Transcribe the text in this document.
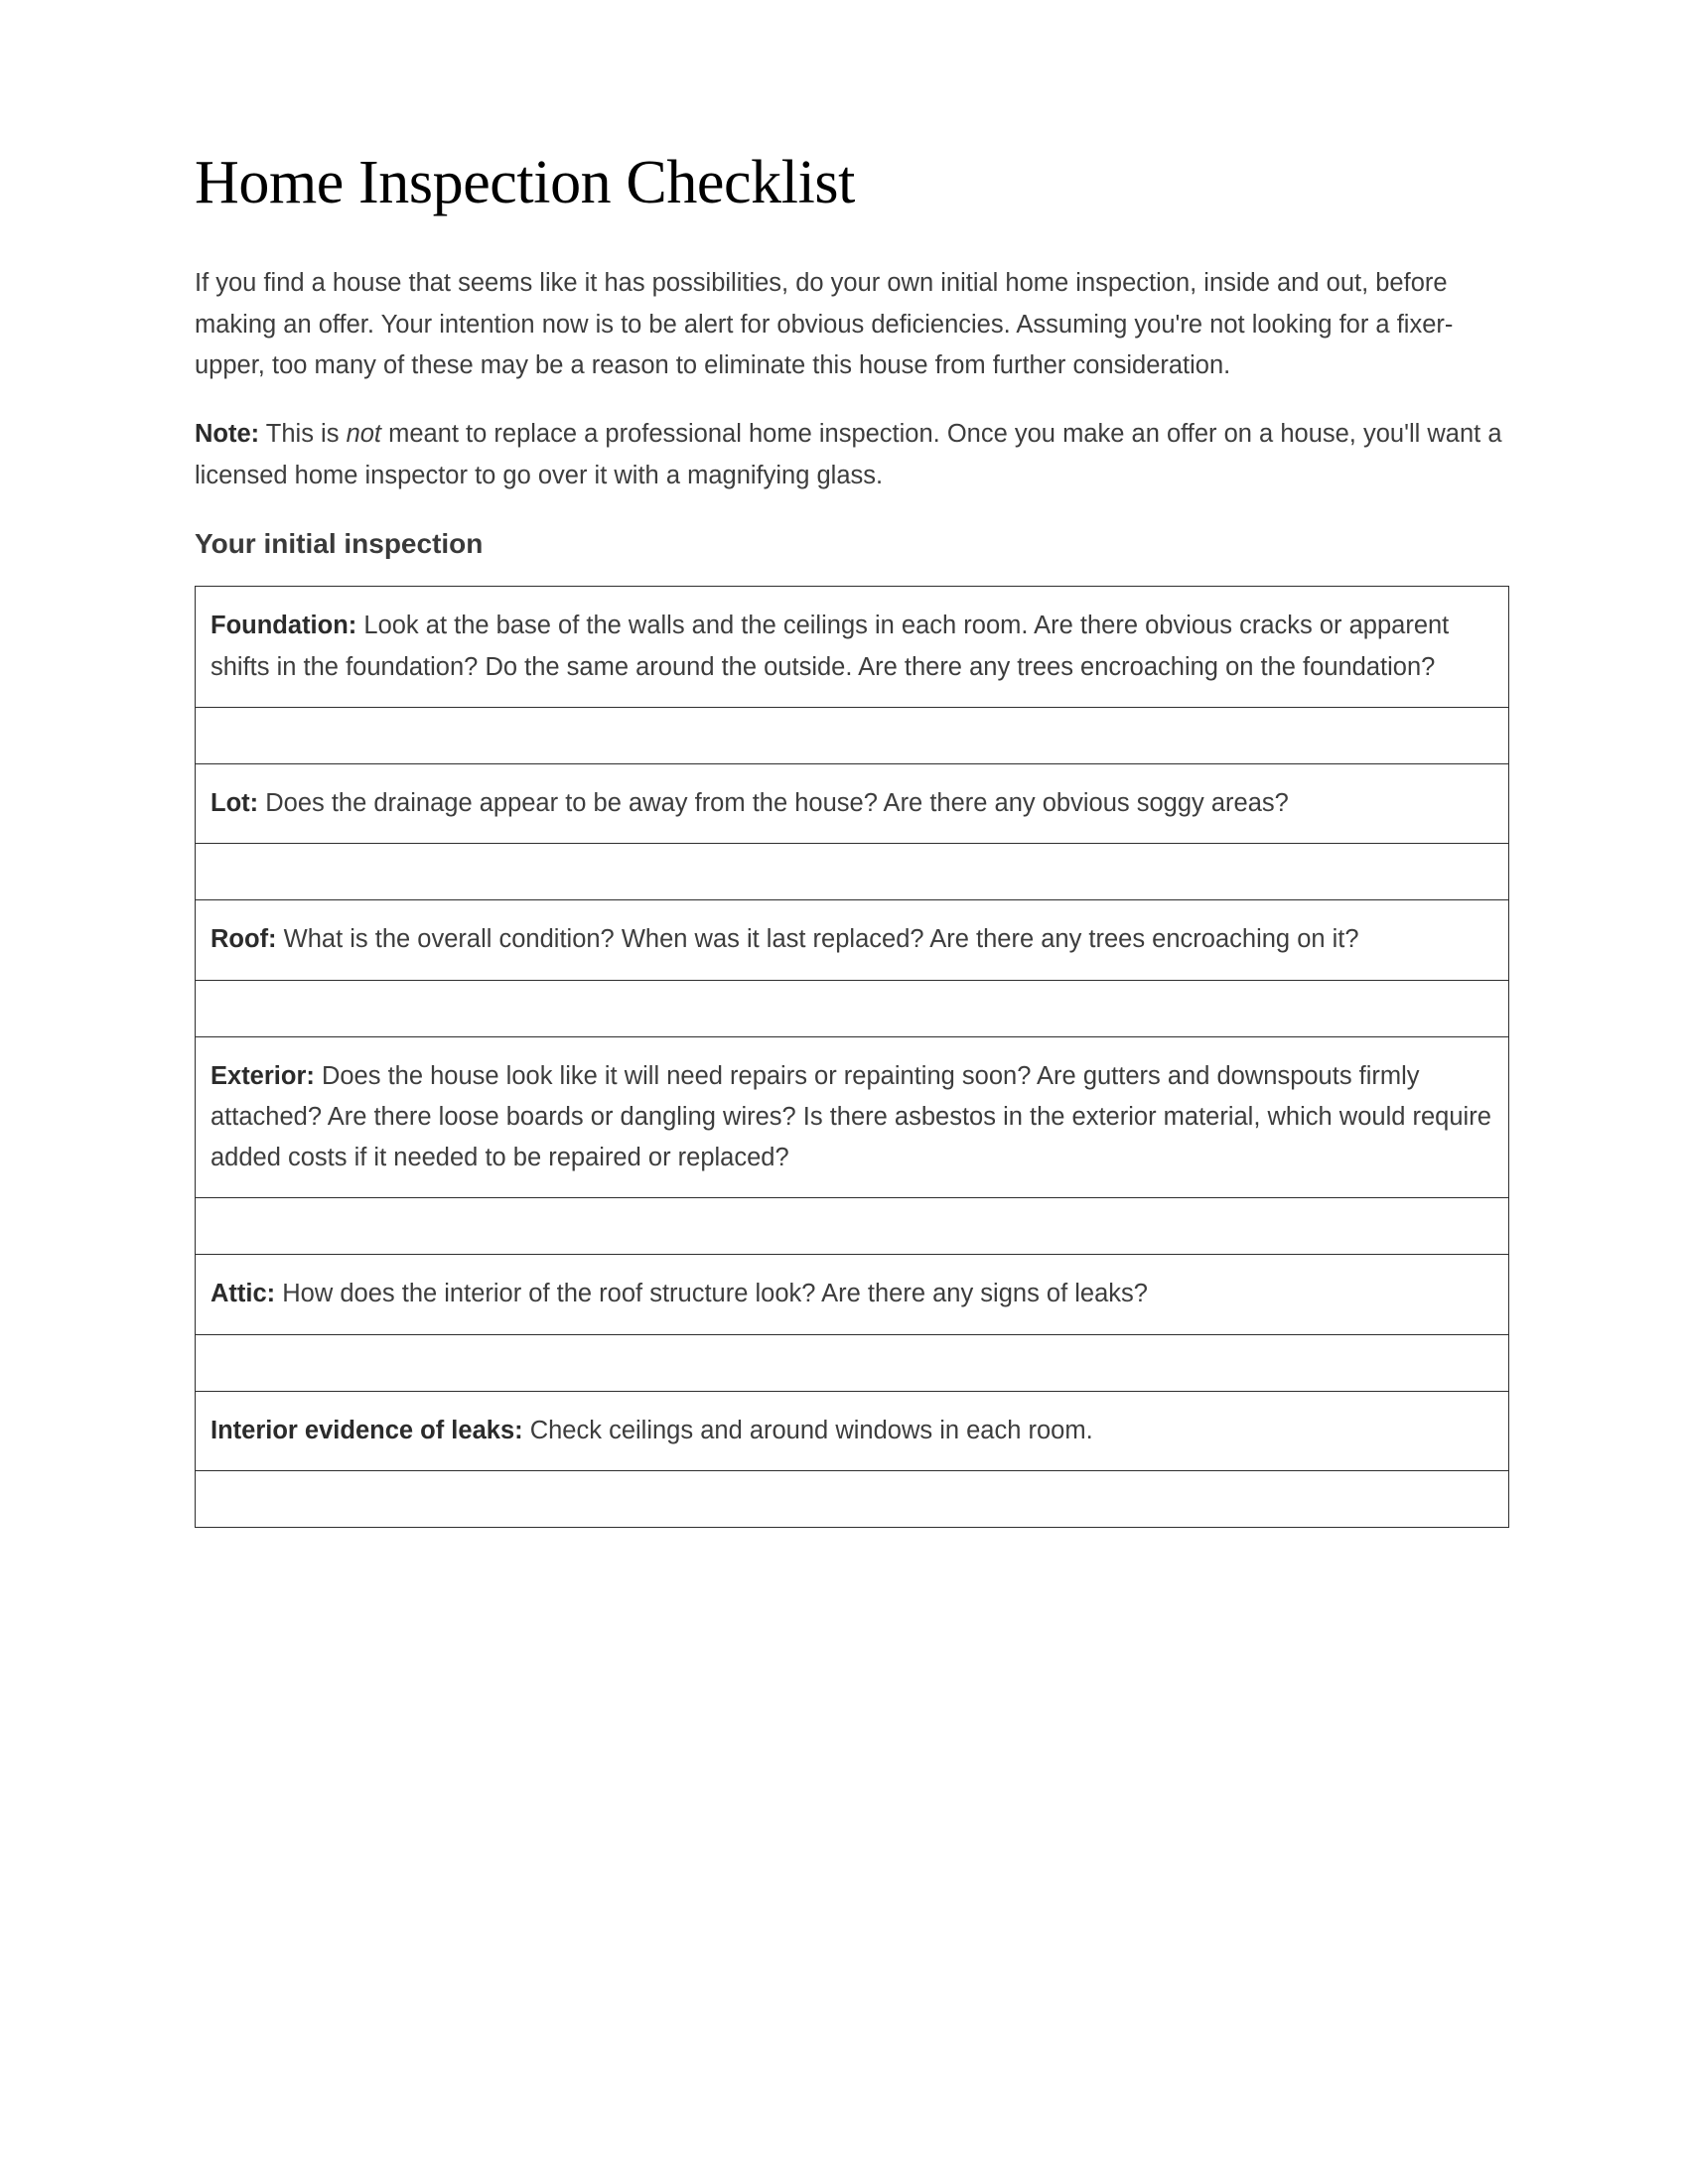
Home Inspection Checklist

If you find a house that seems like it has possibilities, do your own initial home inspection, inside and out, before making an offer. Your intention now is to be alert for obvious deficiencies. Assuming you're not looking for a fixer-upper, too many of these may be a reason to eliminate this house from further consideration.

Note: This is not meant to replace a professional home inspection. Once you make an offer on a house, you'll want a licensed home inspector to go over it with a magnifying glass.

Your initial inspection
Foundation: Look at the base of the walls and the ceilings in each room. Are there obvious cracks or apparent shifts in the foundation? Do the same around the outside. Are there any trees encroaching on the foundation?

Lot: Does the drainage appear to be away from the house? Are there any obvious soggy areas?

Roof: What is the overall condition? When was it last replaced? Are there any trees encroaching on it?

Exterior: Does the house look like it will need repairs or repainting soon? Are gutters and downspouts firmly attached? Are there loose boards or dangling wires? Is there asbestos in the exterior material, which would require added costs if it needed to be repaired or replaced?

Attic: How does the interior of the roof structure look? Are there any signs of leaks?

Interior evidence of leaks: Check ceilings and around windows in each room.
